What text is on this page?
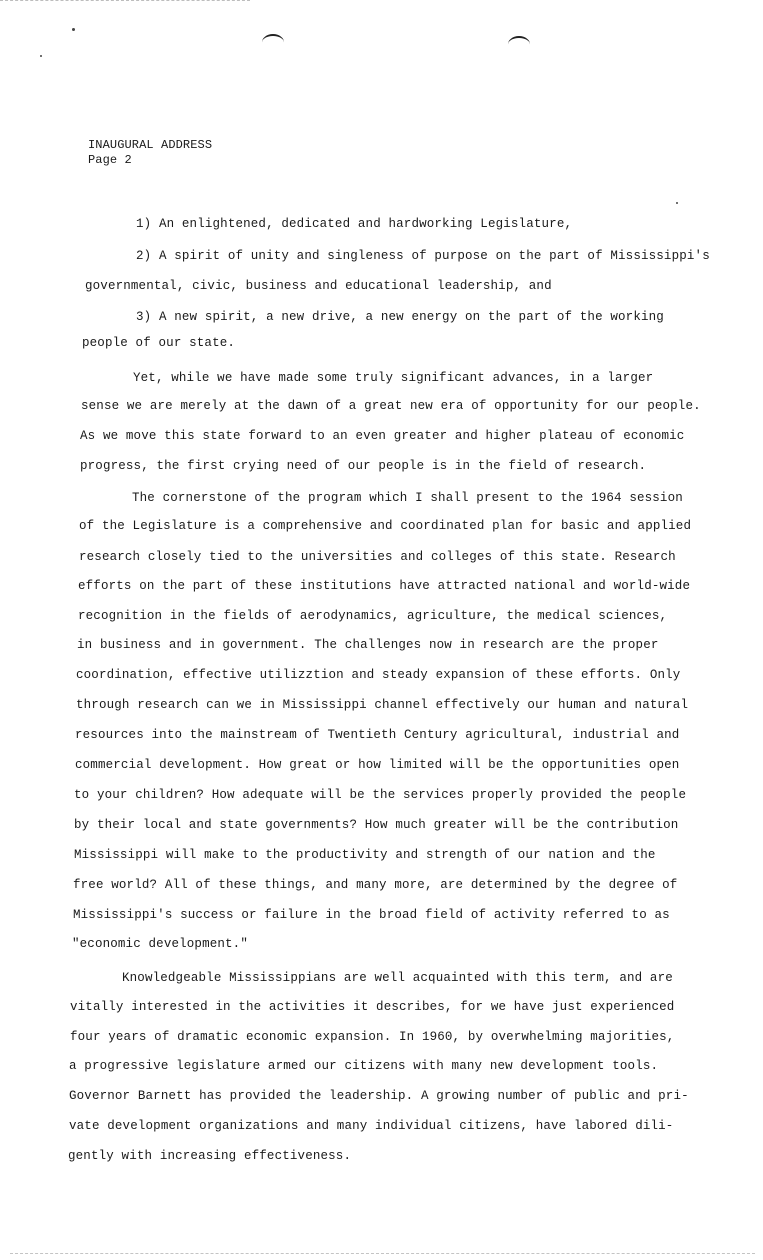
INAUGURAL ADDRESS
Page 2
1) An enlightened, dedicated and hardworking Legislature,
2) A spirit of unity and singleness of purpose on the part of Mississippi's
governmental, civic, business and educational leadership, and
3) A new spirit, a new drive, a new energy on the part of the working
people of our state.
Yet, while we have made some truly significant advances, in a larger
sense we are merely at the dawn of a great new era of opportunity for our people.
As we move this state forward to an even greater and higher plateau of economic
progress, the first crying need of our people is in the field of research.
The cornerstone of the program which I shall present to the 1964 session
of the Legislature is a comprehensive and coordinated plan for basic and applied
research closely tied to the universities and colleges of this state. Research
efforts on the part of these institutions have attracted national and world-wide
recognition in the fields of aerodynamics, agriculture, the medical sciences,
in business and in government. The challenges now in research are the proper
coordination, effective utilizztion and steady expansion of these efforts. Only
through research can we in Mississippi channel effectively our human and natural
resources into the mainstream of Twentieth Century agricultural, industrial and
commercial development. How great or how limited will be the opportunities open
to your children? How adequate will be the services properly provided the people
by their local and state governments? How much greater will be the contribution
Mississippi will make to the productivity and strength of our nation and the
free world? All of these things, and many more, are determined by the degree of
Mississippi's success or failure in the broad field of activity referred to as
"economic development."
Knowledgeable Mississippians are well acquainted with this term, and are
vitally interested in the activities it describes, for we have just experienced
four years of dramatic economic expansion. In 1960, by overwhelming majorities,
a progressive legislature armed our citizens with many new development tools.
Governor Barnett has provided the leadership. A growing number of public and pri-
vate development organizations and many individual citizens, have labored dili-
gently with increasing effectiveness.
